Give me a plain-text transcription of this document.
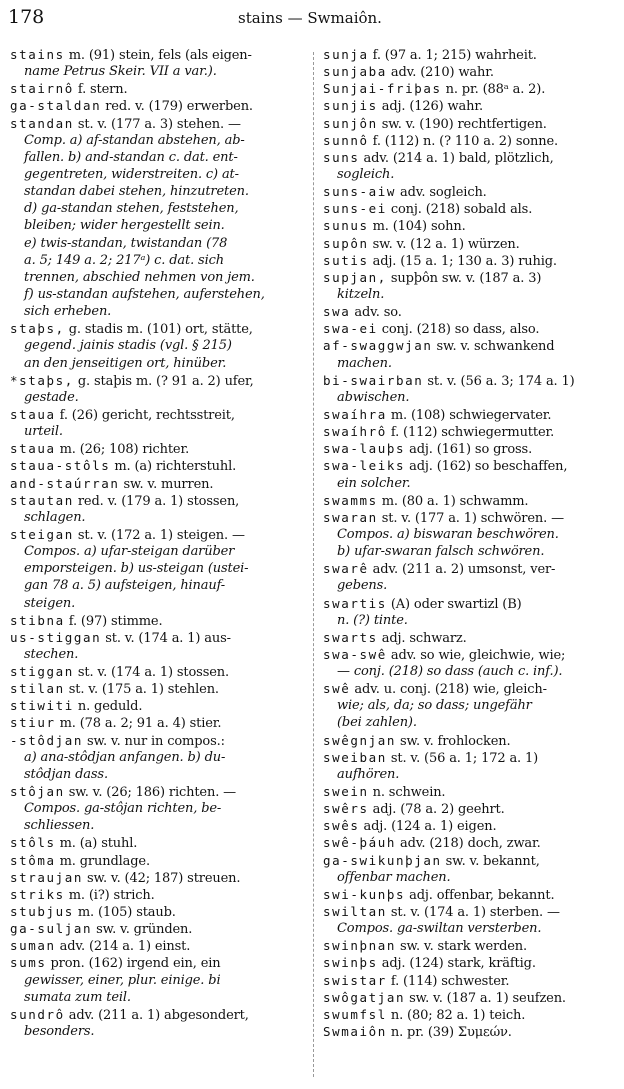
178	stains — Swmaiôn.
stains m. (91) stein, fels (als eigen-
name Petrus Skeir. VII a var.).
stairnô f. stern.
ga-staldan red. v. (179) erwerben.
standan st. v. (177 a. 3) stehen. —
Comp. a) af-standan abstehen, ab-
fallen. b) and-standan c. dat. ent-
gegentreten, widerstreiten. c) at-
standan dabei stehen, hinzutreten.
d) ga-standan stehen, feststehen,
bleiben; wider hergestellt sein.
e) twis-standan, twistandan (78
a. 5; 149 a. 2; 217ᵃ) c. dat. sich
trennen, abschied nehmen von jem.
f) us-standan aufstehen, auferstehen,
sich erheben.
staþs, g. stadis m. (101) ort, stätte,
gegend. jainis stadis (vgl. § 215)
an den jenseitigen ort, hinüber.
*staþs, g. staþis m. (? 91 a. 2) ufer,
gestade.
staua f. (26) gericht, rechtsstreit,
urteil.
staua m. (26; 108) richter.
staua-stôls m. (a) richterstuhl.
and-staúrran sw. v. murren.
stautan red. v. (179 a. 1) stossen,
schlagen.
steigan st. v. (172 a. 1) steigen. —
Compos. a) ufar-steigan darüber
emporsteigen. b) us-steigan (ustei-
gan 78 a. 5) aufsteigen, hinauf-
steigen.
stibna f. (97) stimme.
us-stiggan st. v. (174 a. 1) aus-
stechen.
stiggan st. v. (174 a. 1) stossen.
stilan st. v. (175 a. 1) stehlen.
stiwiti n. geduld.
stiur m. (78 a. 2; 91 a. 4) stier.
-stôdjan sw. v. nur in compos.:
a) ana-stôdjan anfangen. b) du-
stôdjan dass.
stôjan sw. v. (26; 186) richten. —
Compos. ga-stôjan richten, be-
schliessen.
stôls m. (a) stuhl.
stôma m. grundlage.
straujan sw. v. (42; 187) streuen.
striks m. (i?) strich.
stubjus m. (105) staub.
ga-suljan sw. v. gründen.
suman adv. (214 a. 1) einst.
sums pron. (162) irgend ein, ein
gewisser, einer, plur. einige. bi
sumata zum teil.
sundrô adv. (211 a. 1) abgesondert,
besonders.
sunja f. (97 a. 1; 215) wahrheit.
sunjaba adv. (210) wahr.
Sunjai-friþas n. pr. (88ᵃ a. 2).
sunjis adj. (126) wahr.
sunjôn sw. v. (190) rechtfertigen.
sunnô f. (112) n. (? 110 a. 2) sonne.
suns adv. (214 a. 1) bald, plötzlich,
sogleich.
suns-aiw adv. sogleich.
suns-ei conj. (218) sobald als.
sunus m. (104) sohn.
supôn sw. v. (12 a. 1) würzen.
sutis adj. (15 a. 1; 130 a. 3) ruhig.
supjan, supþôn sw. v. (187 a. 3)
kitzeln.
swa adv. so.
swa-ei conj. (218) so dass, also.
af-swaggwjan sw. v. schwankend
machen.
bi-swairban st. v. (56 a. 3; 174 a. 1)
abwischen.
swaíhra m. (108) schwiegervater.
swaíhrô f. (112) schwiegermutter.
swa-lauþs adj. (161) so gross.
swa-leiks adj. (162) so beschaffen,
ein solcher.
swamms m. (80 a. 1) schwamm.
swaran st. v. (177 a. 1) schwören. —
Compos. a) biswaran beschwören.
b) ufar-swaran falsch schwören.
swarê adv. (211 a. 2) umsonst, ver-
gebens.
swartis (A) oder swartizl (B)
n. (?) tinte.
swarts adj. schwarz.
swa-swê adv. so wie, gleichwie, wie;
— conj. (218) so dass (auch c. inf.).
swê adv. u. conj. (218) wie, gleich-
wie; als, da; so dass; ungefähr
(bei zahlen).
swêgnjan sw. v. frohlocken.
sweiban st. v. (56 a. 1; 172 a. 1)
aufhören.
swein n. schwein.
swêrs adj. (78 a. 2) geehrt.
swês adj. (124 a. 1) eigen.
swê-þáuh adv. (218) doch, zwar.
ga-swikunþjan sw. v. bekannt,
offenbar machen.
swi-kunþs adj. offenbar, bekannt.
swiltan st. v. (174 a. 1) sterben. —
Compos. ga-swiltan versterben.
swinþnan sw. v. stark werden.
swinþs adj. (124) stark, kräftig.
swistar f. (114) schwester.
swôgatjan sw. v. (187 a. 1) seufzen.
swumfsl n. (80; 82 a. 1) teich.
Swmaiôn n. pr. (39) Συμεών.
